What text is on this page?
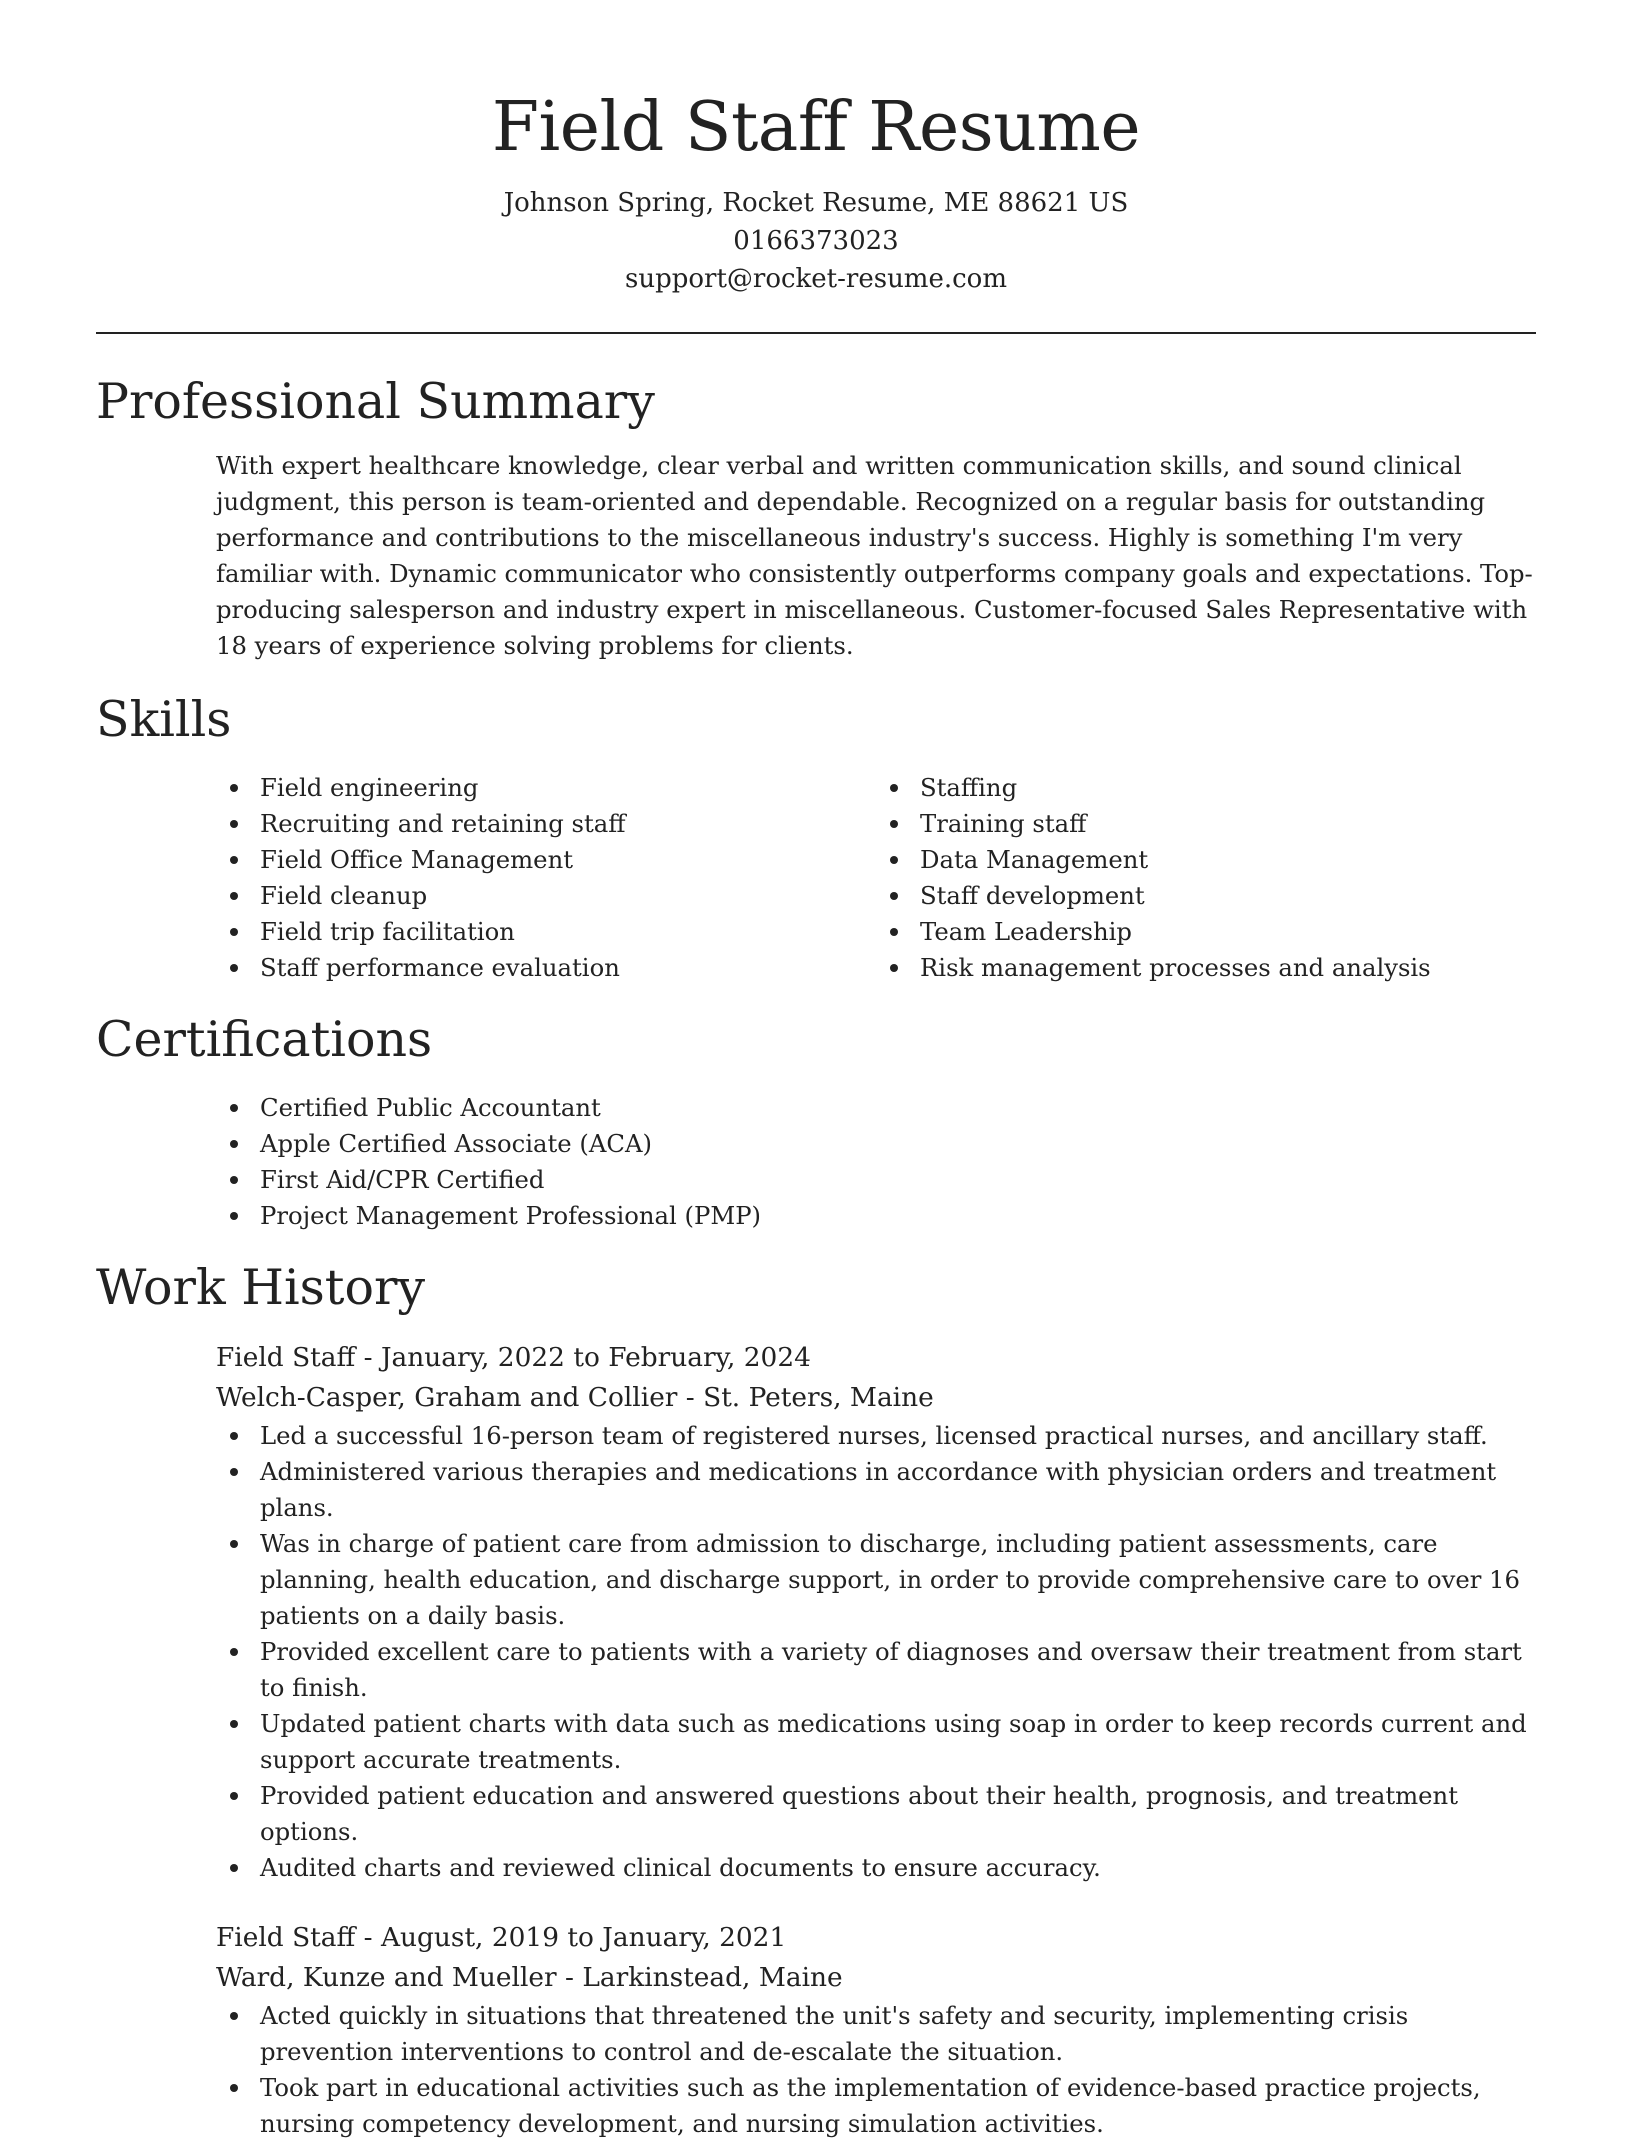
Field Staff Resume
Johnson Spring, Rocket Resume, ME 88621 US
0166373023
support@rocket-resume.com
Professional Summary
With expert healthcare knowledge, clear verbal and written communication skills, and sound clinical judgment, this person is team-oriented and dependable. Recognized on a regular basis for outstanding performance and contributions to the miscellaneous industry's success. Highly is something I'm very familiar with. Dynamic communicator who consistently outperforms company goals and expectations. Top-producing salesperson and industry expert in miscellaneous. Customer-focused Sales Representative with 18 years of experience solving problems for clients.
Skills
Field engineering
Recruiting and retaining staff
Field Office Management
Field cleanup
Field trip facilitation
Staff performance evaluation
Staffing
Training staff
Data Management
Staff development
Team Leadership
Risk management processes and analysis
Certifications
Certified Public Accountant
Apple Certified Associate (ACA)
First Aid/CPR Certified
Project Management Professional (PMP)
Work History
Field Staff - January, 2022 to February, 2024
Welch-Casper, Graham and Collier - St. Peters, Maine
Led a successful 16-person team of registered nurses, licensed practical nurses, and ancillary staff.
Administered various therapies and medications in accordance with physician orders and treatment plans.
Was in charge of patient care from admission to discharge, including patient assessments, care planning, health education, and discharge support, in order to provide comprehensive care to over 16 patients on a daily basis.
Provided excellent care to patients with a variety of diagnoses and oversaw their treatment from start to finish.
Updated patient charts with data such as medications using soap in order to keep records current and support accurate treatments.
Provided patient education and answered questions about their health, prognosis, and treatment options.
Audited charts and reviewed clinical documents to ensure accuracy.
Field Staff - August, 2019 to January, 2021
Ward, Kunze and Mueller - Larkinstead, Maine
Acted quickly in situations that threatened the unit's safety and security, implementing crisis prevention interventions to control and de-escalate the situation.
Took part in educational activities such as the implementation of evidence-based practice projects, nursing competency development, and nursing simulation activities.
